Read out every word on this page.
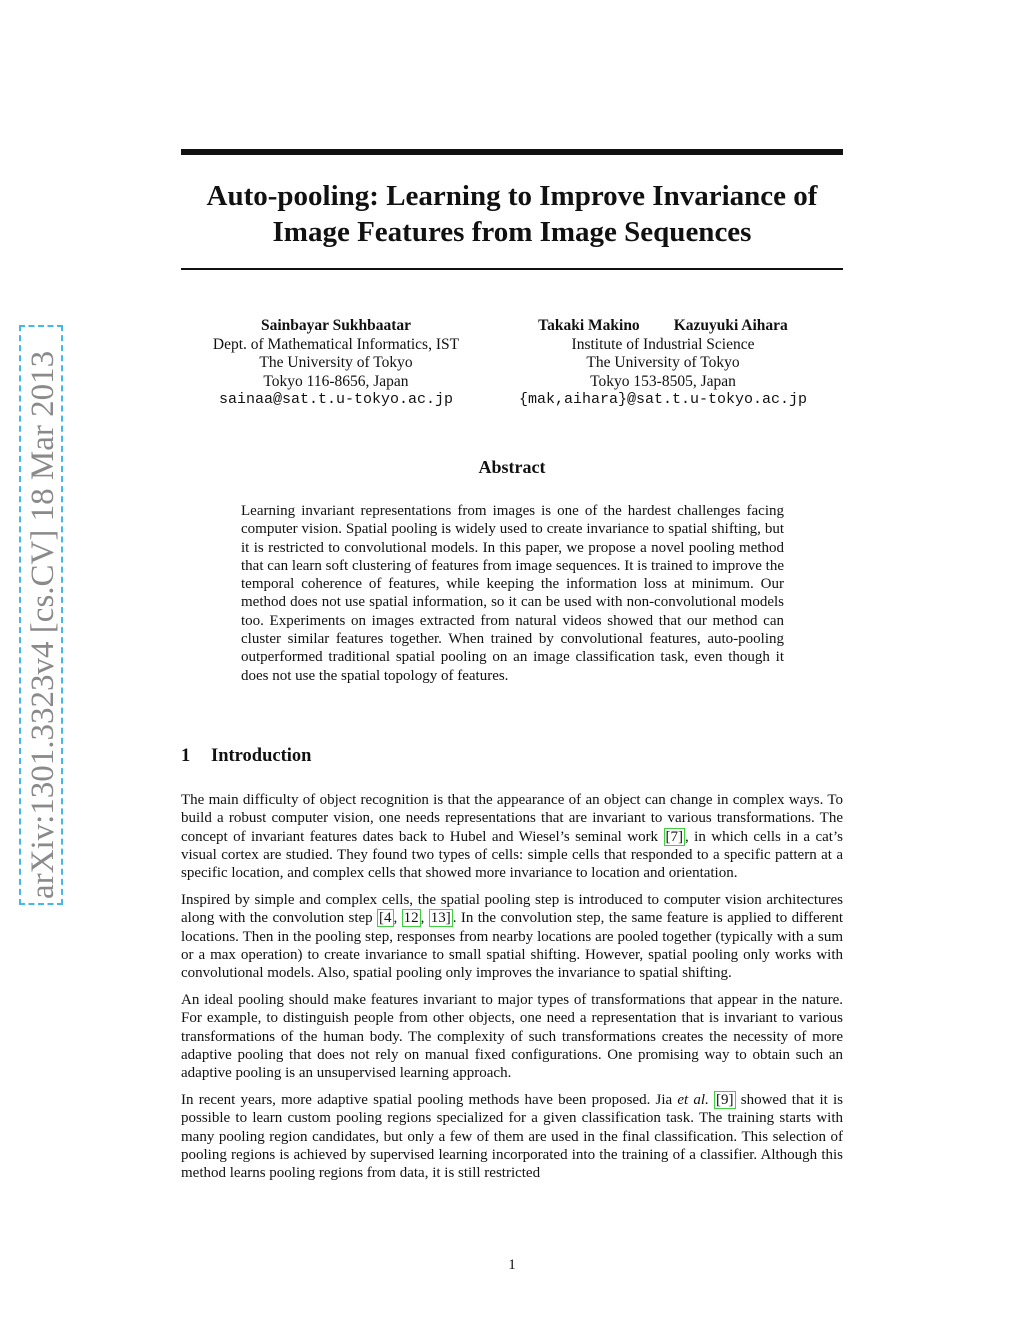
arXiv:1301.3323v4 [cs.CV] 18 Mar 2013
Auto-pooling: Learning to Improve Invariance of
Image Features from Image Sequences
Sainbayar Sukhbaatar
Dept. of Mathematical Informatics, IST
The University of Tokyo
Tokyo 116-8656, Japan
sainaa@sat.t.u-tokyo.ac.jp
Takaki Makino Kazuyuki Aihara
Institute of Industrial Science
The University of Tokyo
Tokyo 153-8505, Japan
{mak,aihara}@sat.t.u-tokyo.ac.jp
Abstract
Learning invariant representations from images is one of the hardest challenges facing computer vision. Spatial pooling is widely used to create invariance to spatial shifting, but it is restricted to convolutional models. In this paper, we propose a novel pooling method that can learn soft clustering of features from image sequences. It is trained to improve the temporal coherence of features, while keeping the information loss at minimum. Our method does not use spatial information, so it can be used with non-convolutional models too. Experiments on images extracted from natural videos showed that our method can cluster similar features together. When trained by convolutional features, auto-pooling outperformed traditional spatial pooling on an image classification task, even though it does not use the spatial topology of features.
1 Introduction

The main difficulty of object recognition is that the appearance of an object can change in complex ways. To build a robust computer vision, one needs representations that are invariant to various transformations. The concept of invariant features dates back to Hubel and Wiesel’s seminal work [7] , in which cells in a cat’s visual cortex are studied. They found two types of cells: simple cells that responded to a specific pattern at a specific location, and complex cells that showed more invariance to location and orientation.

Inspired by simple and complex cells, the spatial pooling step is introduced to computer vision architectures along with the convolution step [4 , 12 , 13] . In the convolution step, the same feature is applied to different locations. Then in the pooling step, responses from nearby locations are pooled together (typically with a sum or a max operation) to create invariance to small spatial shifting. However, spatial pooling only works with convolutional models. Also, spatial pooling only improves the invariance to spatial shifting.

An ideal pooling should make features invariant to major types of transformations that appear in the nature. For example, to distinguish people from other objects, one need a representation that is invariant to various transformations of the human body. The complexity of such transformations creates the necessity of more adaptive pooling that does not rely on manual fixed configurations. One promising way to obtain such an adaptive pooling is an unsupervised learning approach.

In recent years, more adaptive spatial pooling methods have been proposed. Jia et al. [9] showed that it is possible to learn custom pooling regions specialized for a given classification task. The training starts with many pooling region candidates, but only a few of them are used in the final classification. This selection of pooling regions is achieved by supervised learning incorporated into the training of a classifier. Although this method learns pooling regions from data, it is still restricted

1
